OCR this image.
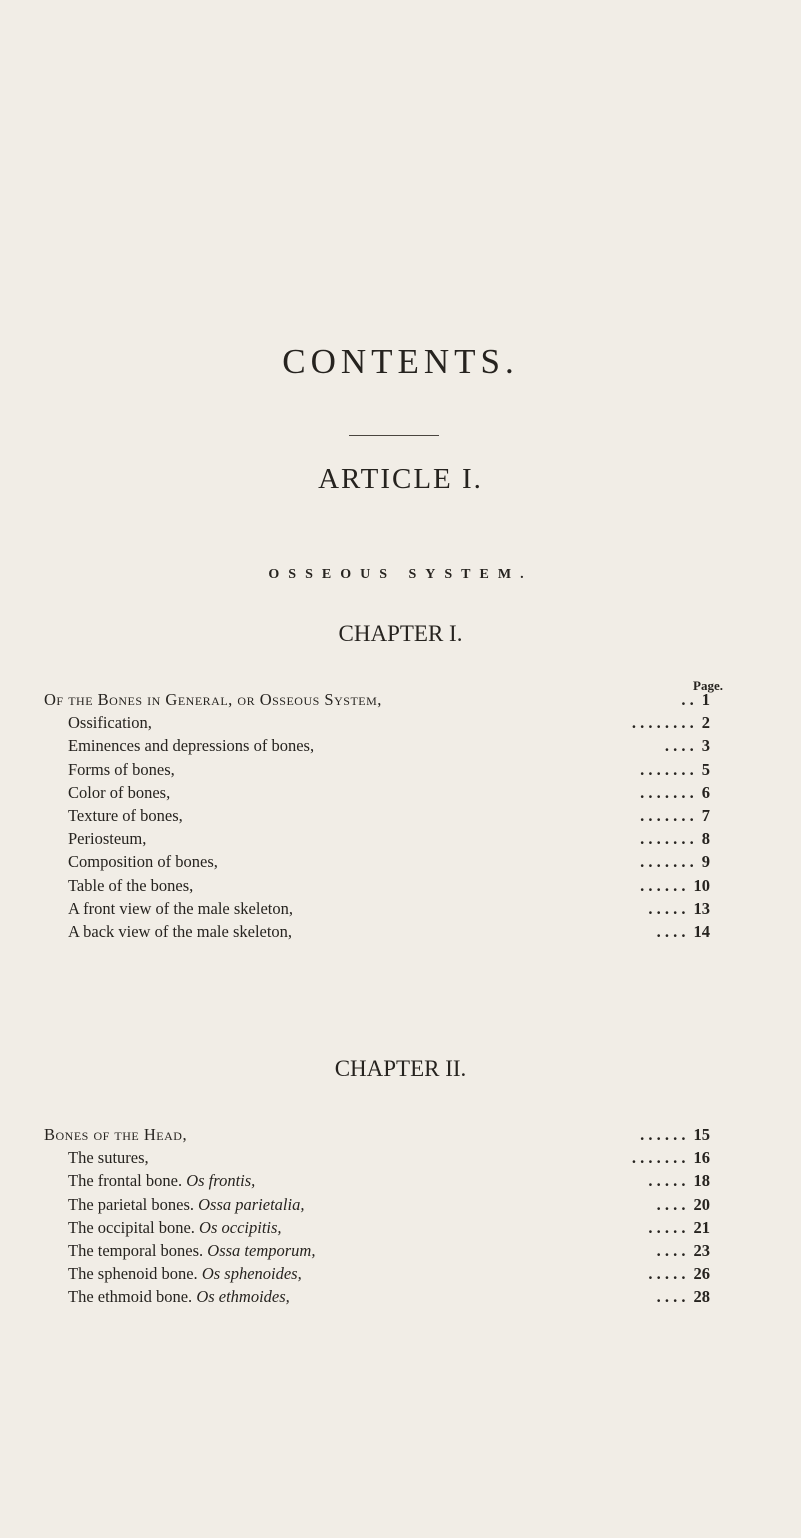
CONTENTS.
ARTICLE I.
OSSEOUS SYSTEM.
CHAPTER I.
Page.
Of the Bones in General, or Osseous System,	. . 1
Ossification,	. . . . . . . . 2
Eminences and depressions of bones,	. . . . 3
Forms of bones,	. . . . . . . 5
Color of bones,	. . . . . . . 6
Texture of bones,	. . . . . . . 7
Periosteum,	. . . . . . . 8
Composition of bones,	. . . . . . . 9
Table of the bones,	. . . . . . 10
A front view of the male skeleton,	. . . . . 13
A back view of the male skeleton,	. . . . 14
CHAPTER II.
Bones of the Head,	. . . . . . 15
The sutures,	. . . . . . . 16
The frontal bone. Os frontis,	. . . . . 18
The parietal bones. Ossa parietalia,	. . . . 20
The occipital bone. Os occipitis,	. . . . . 21
The temporal bones. Ossa temporum,	. . . . 23
The sphenoid bone. Os sphenoides,	. . . . . 26
The ethmoid bone. Os ethmoides,	. . . . 28
